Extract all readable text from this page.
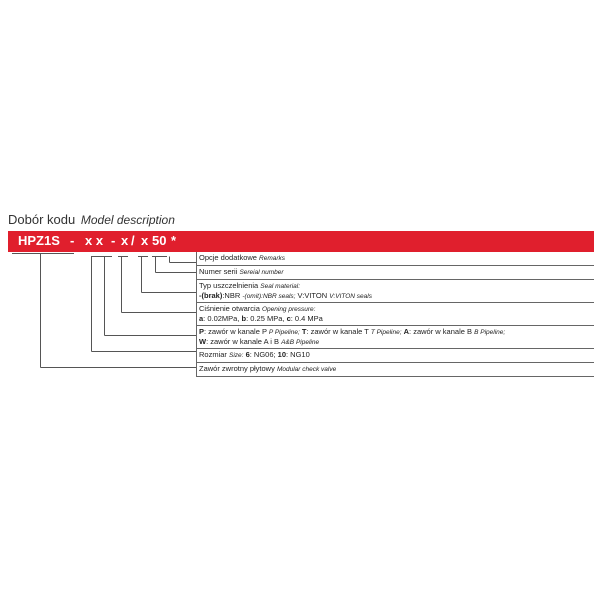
Dobór kodu Model description
HPZ1S - x x - x / x 50 *
Opcje dodatkowe Remarks
Numer serii Sereial number
Typ uszczelnienia Seal material:
-(brak):NBR -(omit):NBR seals; V:VITON V:VITON seals
Ciśnienie otwarcia Opening pressure:
a: 0.02MPa, b: 0.25 MPa, c: 0.4 MPa
P: zawór w kanale P P Pipeline; T: zawór w kanale T T Pipeline; A: zawór w kanale B B Pipeline;
W: zawór w kanale A i B A&B Pipeline
Rozmiar Size: 6: NG06; 10: NG10
Zawór zwrotny płytowy Modular check valve
